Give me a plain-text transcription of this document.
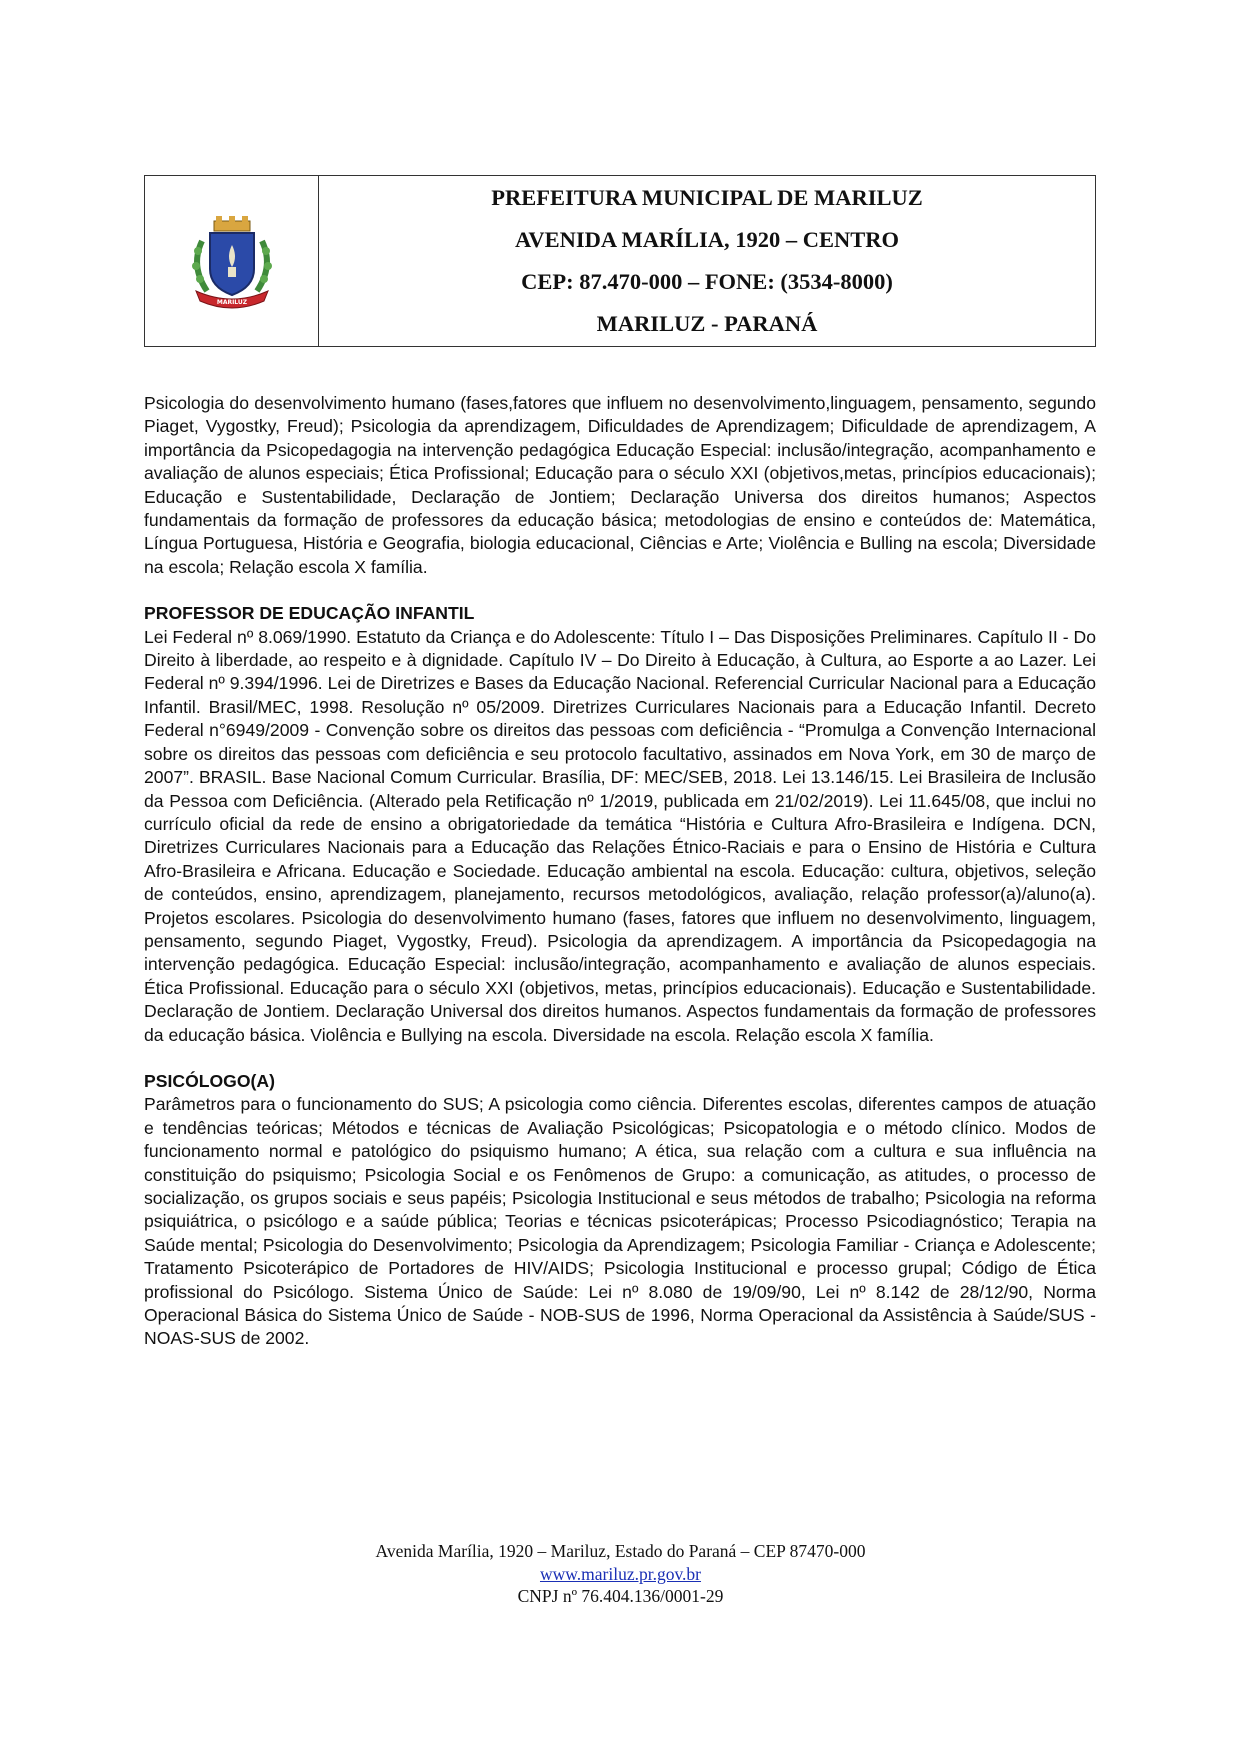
MARILUZ
PREFEITURA MUNICIPAL DE MARILUZ
AVENIDA MARÍLIA, 1920 – CENTRO
CEP: 87.470-000 – FONE: (3534-8000)
MARILUZ - PARANÁ

Psicologia do desenvolvimento humano (fases,fatores que influem no desenvolvimento,linguagem, pensamento, segundo Piaget, Vygostky, Freud); Psicologia da aprendizagem, Dificuldades de Aprendizagem; Dificuldade de aprendizagem, A importância da Psicopedagogia na intervenção pedagógica Educação Especial: inclusão/integração, acompanhamento e avaliação de alunos especiais; Ética Profissional; Educação para o século XXI (objetivos,metas, princípios educacionais); Educação e Sustentabilidade, Declaração de Jontiem; Declaração Universa dos direitos humanos; Aspectos fundamentais da formação de professores da educação básica; metodologias de ensino e conteúdos de: Matemática, Língua Portuguesa, História e Geografia, biologia educacional, Ciências e Arte; Violência e Bulling na escola; Diversidade na escola; Relação escola X família.

PROFESSOR DE EDUCAÇÃO INFANTIL

Lei Federal nº 8.069/1990. Estatuto da Criança e do Adolescente: Título I – Das Disposições Preliminares. Capítulo II - Do Direito à liberdade, ao respeito e à dignidade. Capítulo IV – Do Direito à Educação, à Cultura, ao Esporte a ao Lazer. Lei Federal nº 9.394/1996. Lei de Diretrizes e Bases da Educação Nacional. Referencial Curricular Nacional para a Educação Infantil. Brasil/MEC, 1998. Resolução nº 05/2009. Diretrizes Curriculares Nacionais para a Educação Infantil. Decreto Federal n°6949/2009 - Convenção sobre os direitos das pessoas com deficiência - “Promulga a Convenção Internacional sobre os direitos das pessoas com deficiência e seu protocolo facultativo, assinados em Nova York, em 30 de março de 2007”. BRASIL. Base Nacional Comum Curricular. Brasília, DF: MEC/SEB, 2018. Lei 13.146/15. Lei Brasileira de Inclusão da Pessoa com Deficiência. (Alterado pela Retificação nº 1/2019, publicada em 21/02/2019). Lei 11.645/08, que inclui no currículo oficial da rede de ensino a obrigatoriedade da temática “História e Cultura Afro-Brasileira e Indígena. DCN, Diretrizes Curriculares Nacionais para a Educação das Relações Étnico-Raciais e para o Ensino de História e Cultura Afro-Brasileira e Africana. Educação e Sociedade. Educação ambiental na escola. Educação: cultura, objetivos, seleção de conteúdos, ensino, aprendizagem, planejamento, recursos metodológicos, avaliação, relação professor(a)/aluno(a). Projetos escolares. Psicologia do desenvolvimento humano (fases, fatores que influem no desenvolvimento, linguagem, pensamento, segundo Piaget, Vygostky, Freud). Psicologia da aprendizagem. A importância da Psicopedagogia na intervenção pedagógica. Educação Especial: inclusão/integração, acompanhamento e avaliação de alunos especiais. Ética Profissional. Educação para o século XXI (objetivos, metas, princípios educacionais). Educação e Sustentabilidade. Declaração de Jontiem. Declaração Universal dos direitos humanos. Aspectos fundamentais da formação de professores da educação básica. Violência e Bullying na escola. Diversidade na escola. Relação escola X família.

PSICÓLOGO(A)

Parâmetros para o funcionamento do SUS; A psicologia como ciência. Diferentes escolas, diferentes campos de atuação e tendências teóricas; Métodos e técnicas de Avaliação Psicológicas; Psicopatologia e o método clínico. Modos de funcionamento normal e patológico do psiquismo humano; A ética, sua relação com a cultura e sua influência na constituição do psiquismo; Psicologia Social e os Fenômenos de Grupo: a comunicação, as atitudes, o processo de socialização, os grupos sociais e seus papéis; Psicologia Institucional e seus métodos de trabalho; Psicologia na reforma psiquiátrica, o psicólogo e a saúde pública; Teorias e técnicas psicoterápicas; Processo Psicodiagnóstico; Terapia na Saúde mental; Psicologia do Desenvolvimento; Psicologia da Aprendizagem; Psicologia Familiar - Criança e Adolescente; Tratamento Psicoterápico de Portadores de HIV/AIDS; Psicologia Institucional e processo grupal; Código de Ética profissional do Psicólogo. Sistema Único de Saúde: Lei nº 8.080 de 19/09/90, Lei nº 8.142 de 28/12/90, Norma Operacional Básica do Sistema Único de Saúde - NOB-SUS de 1996, Norma Operacional da Assistência à Saúde/SUS - NOAS-SUS de 2002.

Avenida Marília, 1920 – Mariluz, Estado do Paraná – CEP 87470-000
www.mariluz.pr.gov.br
CNPJ nº 76.404.136/0001-29
